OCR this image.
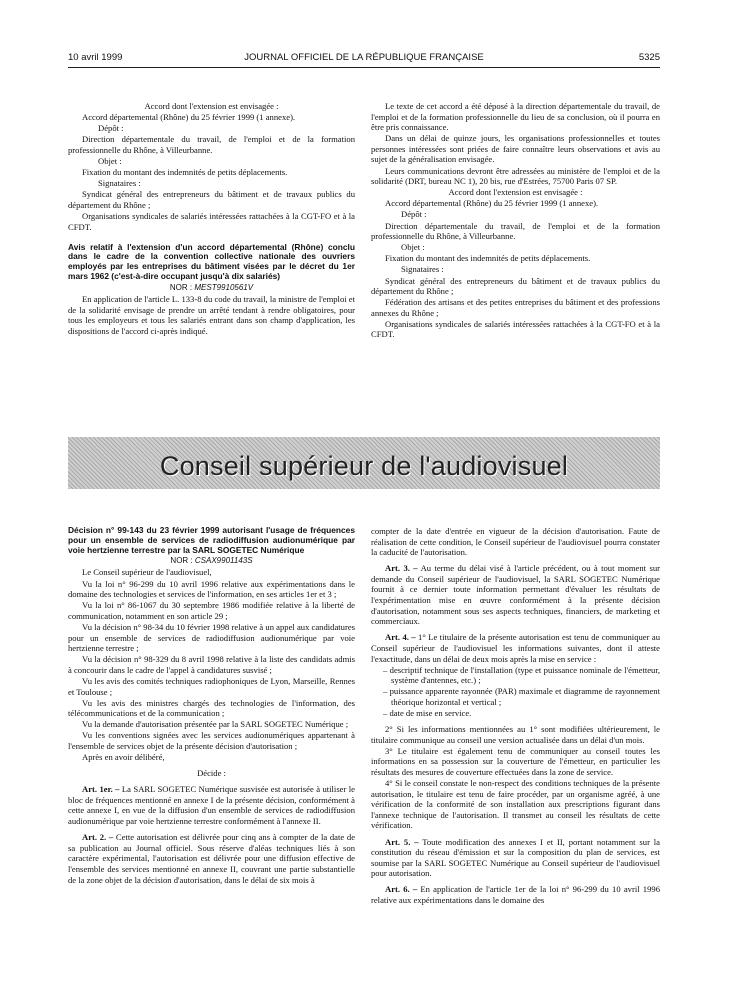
10 avril 1999	JOURNAL OFFICIEL DE LA RÉPUBLIQUE FRANÇAISE	5325

Accord dont l'extension est envisagée :

Accord départemental (Rhône) du 25 février 1999 (1 annexe).

Dépôt :

Direction départementale du travail, de l'emploi et de la formation professionnelle du Rhône, à Villeurbanne.

Objet :

Fixation du montant des indemnités de petits déplacements.

Signataires :

Syndicat général des entrepreneurs du bâtiment et de travaux publics du département du Rhône ;

Organisations syndicales de salariés intéressées rattachées à la CGT-FO et à la CFDT.

Avis relatif à l'extension d'un accord départemental (Rhône) conclu dans le cadre de la convention collective nationale des ouvriers employés par les entreprises du bâtiment visées par le décret du 1er mars 1962 (c'est-à-dire occupant jusqu'à dix salariés)

NOR : MEST9910561V

En application de l'article L. 133-8 du code du travail, la ministre de l'emploi et de la solidarité envisage de prendre un arrêté tendant à rendre obligatoires, pour tous les employeurs et tous les salariés entrant dans son champ d'application, les dispositions de l'accord ci-après indiqué.

Le texte de cet accord a été déposé à la direction départementale du travail, de l'emploi et de la formation professionnelle du lieu de sa conclusion, où il pourra en être pris connaissance.

Dans un délai de quinze jours, les organisations professionnelles et toutes personnes intéressées sont priées de faire connaître leurs observations et avis au sujet de la généralisation envisagée.

Leurs communications devront être adressées au ministère de l'emploi et de la solidarité (DRT, bureau NC 1), 20 bis, rue d'Estrées, 75700 Paris 07 SP.

Accord dont l'extension est envisagée :

Accord départemental (Rhône) du 25 février 1999 (1 annexe).

Dépôt :

Direction départementale du travail, de l'emploi et de la formation professionnelle du Rhône, à Villeurbanne.

Objet :

Fixation du montant des indemnités de petits déplacements.

Signataires :

Syndicat général des entrepreneurs du bâtiment et de travaux publics du département du Rhône ;

Fédération des artisans et des petites entreprises du bâtiment et des professions annexes du Rhône ;

Organisations syndicales de salariés intéressées rattachées à la CGT-FO et à la CFDT.

Conseil supérieur de l'audiovisuel

Décision n° 99-143 du 23 février 1999 autorisant l'usage de fréquences pour un ensemble de services de radiodiffusion audionumérique par voie hertzienne terrestre par la SARL SOGETEC Numérique

NOR : CSAX9901143S

Le Conseil supérieur de l'audiovisuel,

Vu la loi n° 96-299 du 10 avril 1996 relative aux expérimentations dans le domaine des technologies et services de l'information, en ses articles 1er et 3 ;

Vu la loi n° 86-1067 du 30 septembre 1986 modifiée relative à la liberté de communication, notamment en son article 29 ;

Vu la décision n° 98-34 du 10 février 1998 relative à un appel aux candidatures pour un ensemble de services de radiodiffusion audionumérique par voie hertzienne terrestre ;

Vu la décision n° 98-329 du 8 avril 1998 relative à la liste des candidats admis à concourir dans le cadre de l'appel à candidatures susvisé ;

Vu les avis des comités techniques radiophoniques de Lyon, Marseille, Rennes et Toulouse ;

Vu les avis des ministres chargés des technologies de l'information, des télécommunications et de la communication ;

Vu la demande d'autorisation présentée par la SARL SOGETEC Numérique ;

Vu les conventions signées avec les services audionumériques appartenant à l'ensemble de services objet de la présente décision d'autorisation ;

Après en avoir délibéré,

Décide :

Art. 1er. – La SARL SOGETEC Numérique susvisée est autorisée à utiliser le bloc de fréquences mentionné en annexe I de la présente décision, conformément à cette annexe I, en vue de la diffusion d'un ensemble de services de radiodiffusion audionumérique par voie hertzienne terrestre conformément à l'annexe II.

Art. 2. – Cette autorisation est délivrée pour cinq ans à compter de la date de sa publication au Journal officiel. Sous réserve d'aléas techniques liés à son caractère expérimental, l'autorisation est délivrée pour une diffusion effective de l'ensemble des services mentionné en annexe II, couvrant une partie substantielle de la zone objet de la décision d'autorisation, dans le délai de six mois à

compter de la date d'entrée en vigueur de la décision d'autorisation. Faute de réalisation de cette condition, le Conseil supérieur de l'audiovisuel pourra constater la caducité de l'autorisation.

Art. 3. – Au terme du délai visé à l'article précédent, ou à tout moment sur demande du Conseil supérieur de l'audiovisuel, la SARL SOGETEC Numérique fournit à ce dernier toute information permettant d'évaluer les résultats de l'expérimentation mise en œuvre conformément à la présente décision d'autorisation, notamment sous ses aspects techniques, financiers, de marketing et commerciaux.

Art. 4. – 1° Le titulaire de la présente autorisation est tenu de communiquer au Conseil supérieur de l'audiovisuel les informations suivantes, dont il atteste l'exactitude, dans un délai de deux mois après la mise en service :

– descriptif technique de l'installation (type et puissance nominale de l'émetteur, système d'antennes, etc.) ;

– puissance apparente rayonnée (PAR) maximale et diagramme de rayonnement théorique horizontal et vertical ;

– date de mise en service.

2° Si les informations mentionnées au 1° sont modifiées ultérieurement, le titulaire communique au conseil une version actualisée dans un délai d'un mois.

3° Le titulaire est également tenu de communiquer au conseil toutes les informations en sa possession sur la couverture de l'émetteur, en particulier les résultats des mesures de couverture effectuées dans la zone de service.

4° Si le conseil constate le non-respect des conditions techniques de la présente autorisation, le titulaire est tenu de faire procéder, par un organisme agréé, à une vérification de la conformité de son installation aux prescriptions figurant dans l'annexe technique de l'autorisation. Il transmet au conseil les résultats de cette vérification.

Art. 5. – Toute modification des annexes I et II, portant notamment sur la constitution du réseau d'émission et sur la composition du plan de services, est soumise par la SARL SOGETEC Numérique au Conseil supérieur de l'audiovisuel pour autorisation.

Art. 6. – En application de l'article 1er de la loi n° 96-299 du 10 avril 1996 relative aux expérimentations dans le domaine des
